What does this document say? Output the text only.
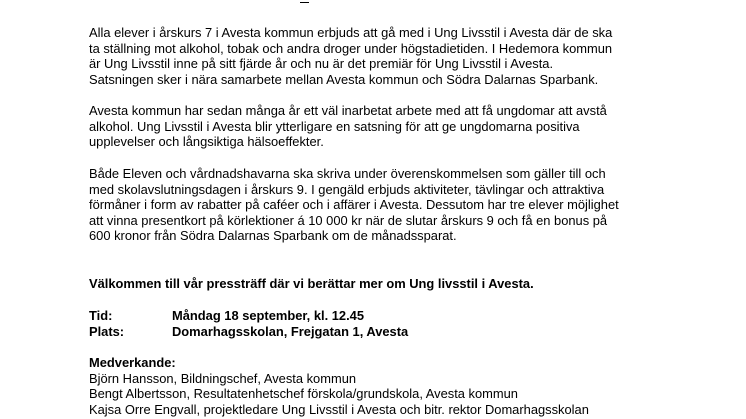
Alla elever i årskurs 7 i Avesta kommun erbjuds att gå med i Ung Livsstil i Avesta där de ska
ta ställning mot alkohol, tobak och andra droger under högstadietiden. I Hedemora kommun
är Ung Livsstil inne på sitt fjärde år och nu är det premiär för Ung Livsstil i Avesta.
Satsningen sker i nära samarbete mellan Avesta kommun och Södra Dalarnas Sparbank.

Avesta kommun har sedan många år ett väl inarbetat arbete med att få ungdomar att avstå
alkohol. Ung Livsstil i Avesta blir ytterligare en satsning för att ge ungdomarna positiva
upplevelser och långsiktiga hälsoeffekter.

Både Eleven och vårdnadshavarna ska skriva under överenskommelsen som gäller till och
med skolavslutningsdagen i årskurs 9. I gengäld erbjuds aktiviteter, tävlingar och attraktiva
förmåner i form av rabatter på caféer och i affärer i Avesta. Dessutom har tre elever möjlighet
att vinna presentkort på körlektioner á 10 000 kr när de slutar årskurs 9 och få en bonus på
600 kronor från Södra Dalarnas Sparbank om de månadssparat.

Välkommen till vår pressträff där vi berättar mer om Ung livsstil i Avesta.

Tid:	Måndag 18 september, kl. 12.45
Plats:	Domarhagsskolan, Frejgatan 1, Avesta

Medverkande:
Björn Hansson, Bildningschef, Avesta kommun
Bengt Albertsson, Resultatenhetschef förskola/grundskola, Avesta kommun
Kajsa Orre Engvall, projektledare Ung Livsstil i Avesta och bitr. rektor Domarhagsskolan
